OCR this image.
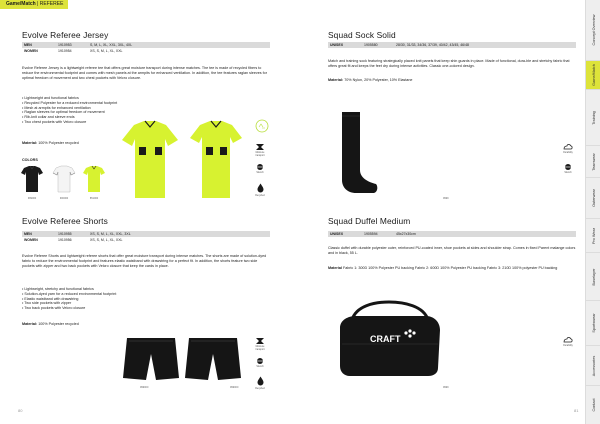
Game/Match | REFEREE
Evolve Referee Jersey
MEN	1910953	S, M, L, XL, XXL, 3XL, 4XL
WOMEN	1910954	XS, S, M, L, XL, XXL
Evolve Referee Jersey is a lightweight referee tee that offers great moisture transport during intense matches. The tee is made of recycled fibers to reduce the environmental footprint and comes with mesh panels at the armpits for enhanced ventilation. In addition, the tee features raglan sleeves for optimal freedom of movement and two chest pockets with Velcro closure.
• Lightweight and functional fabrics
• Recycled Polyester for a reduced environmental footprint
• Mesh at armpits for enhanced ventilation
• Raglan sleeves for optimal freedom of movement
• Rib-knit collar and sleeve ends
• Two chest pockets with Velcro closure
Material: 100% Polyester recycled
COLORS
999000	900000	851000
Moisture transport
Stretch
Recycled
Evolve Referee Shorts
MEN	1910955	XS, S, M, L, XL, XXL, 3XL
WOMEN	1910956	XS, S, M, L, XL, XXL
Evolve Referee Shorts and lightweight referee shorts that offer great moisture transport during intense matches. The shorts are made of solution-dyed fabric to reduce the environmental footprint and features elastic waistband with drawstring for a perfect fit. In addition, the shorts feature two side pockets with zipper and two back pockets with Velcro closure that keep the cards in place.
• Lightweight, stretchy and functional fabrics
• Solution-dyed yarn for a reduced environmental footprint
• Elastic waistband with drawstring
• Two side pockets with zipper
• Two back pockets with Velcro closure
Material: 100% Polyester recycled
999000	999000
Moisture transport
Stretch
Recycled
Squad Sock Solid
UNISEX	1905580	28/30, 31/33, 34/36, 37/39, 40/42, 43/45, 46/48
Match and training sock featuring strategically placed knit panels that keep shin guards in place. Made of functional, dura-ble and stretchy fabric that offers great fit and keeps the feet dry during intense activities. Classic one-colored design.
Material: 70% Nylon, 20% Polyester, 10% Elastane
9999
Durability
Stretch
Squad Duffel Medium
UNISEX	1905594	45x27x30cm
Classic duffel with durable polyester outer, reinforced PU-coated inner, shoe pockets at sides and shoulder strap. Comes in fixed Parent malange colors and in black, 55 L.
Material Fabric 1: 300D 100% Polyester PU backing Fabric 2: 600D 100% Polyester PU backing Fabric 3: 210D 100% polyester PU backing
CRAFT
9999
Durability
80	81
Concept Overview
Game/Match
Training
Teamwear
Outerwear
Pro Wear
Baselayer
Sportswear
Accessories
Contact
